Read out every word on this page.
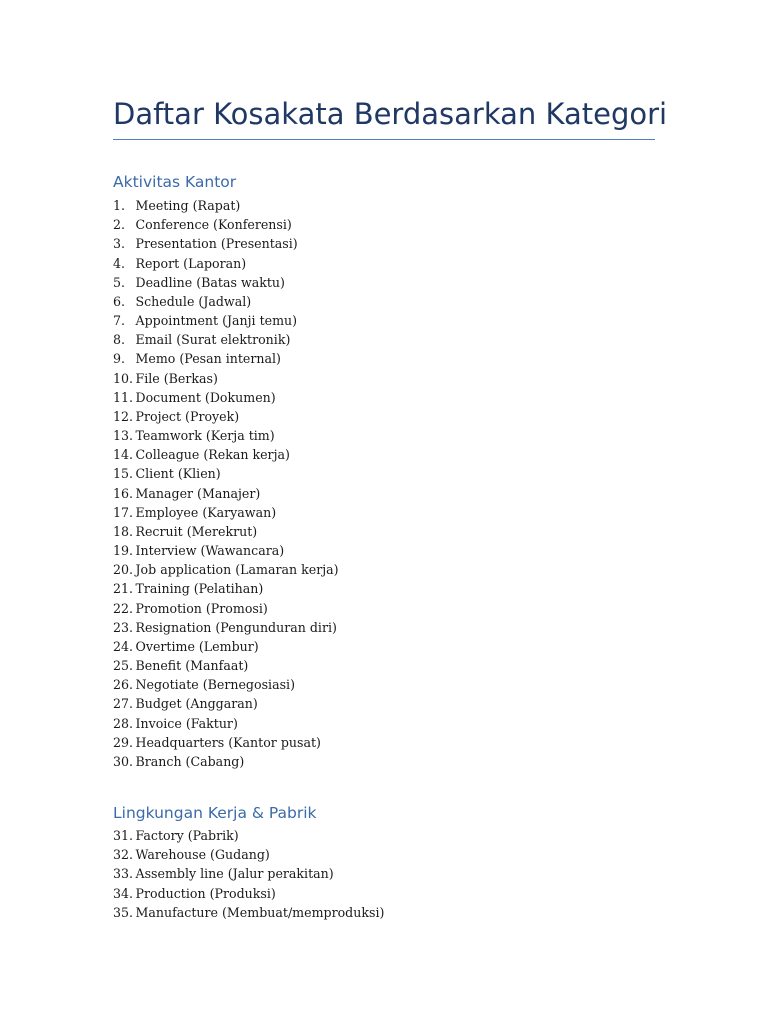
Daftar Kosakata Berdasarkan Kategori
Aktivitas Kantor
1. Meeting (Rapat)
2. Conference (Konferensi)
3. Presentation (Presentasi)
4. Report (Laporan)
5. Deadline (Batas waktu)
6. Schedule (Jadwal)
7. Appointment (Janji temu)
8. Email (Surat elektronik)
9. Memo (Pesan internal)
10. File (Berkas)
11. Document (Dokumen)
12. Project (Proyek)
13. Teamwork (Kerja tim)
14. Colleague (Rekan kerja)
15. Client (Klien)
16. Manager (Manajer)
17. Employee (Karyawan)
18. Recruit (Merekrut)
19. Interview (Wawancara)
20. Job application (Lamaran kerja)
21. Training (Pelatihan)
22. Promotion (Promosi)
23. Resignation (Pengunduran diri)
24. Overtime (Lembur)
25. Benefit (Manfaat)
26. Negotiate (Bernegosiasi)
27. Budget (Anggaran)
28. Invoice (Faktur)
29. Headquarters (Kantor pusat)
30. Branch (Cabang)
Lingkungan Kerja & Pabrik
31. Factory (Pabrik)
32. Warehouse (Gudang)
33. Assembly line (Jalur perakitan)
34. Production (Produksi)
35. Manufacture (Membuat/memproduksi)
